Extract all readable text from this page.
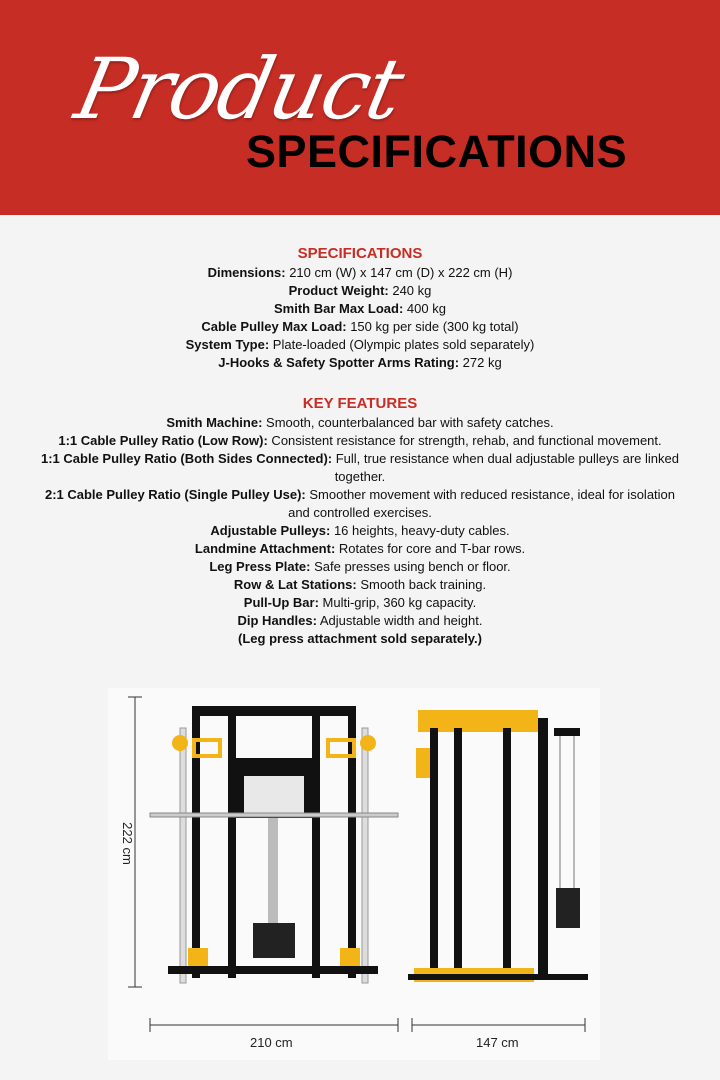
Product
SPECIFICATIONS
SPECIFICATIONS

Dimensions: 210 cm (W) x 147 cm (D) x 222 cm (H)

Product Weight: 240 kg

Smith Bar Max Load: 400 kg

Cable Pulley Max Load: 150 kg per side (300 kg total)

System Type: Plate-loaded (Olympic plates sold separately)

J-Hooks & Safety Spotter Arms Rating: 272 kg

KEY FEATURES

Smith Machine: Smooth, counterbalanced bar with safety catches.

1:1 Cable Pulley Ratio (Low Row): Consistent resistance for strength, rehab, and functional movement.

1:1 Cable Pulley Ratio (Both Sides Connected): Full, true resistance when dual adjustable pulleys are linked together.

2:1 Cable Pulley Ratio (Single Pulley Use): Smoother movement with reduced resistance, ideal for isolation and controlled exercises.

Adjustable Pulleys: 16 heights, heavy-duty cables.

Landmine Attachment: Rotates for core and T-bar rows.

Leg Press Plate: Safe presses using bench or floor.

Row & Lat Stations: Smooth back training.

Pull-Up Bar: Multi-grip, 360 kg capacity.

Dip Handles: Adjustable width and height.

(Leg press attachment sold separately.)

222 cm
210 cm	147 cm
